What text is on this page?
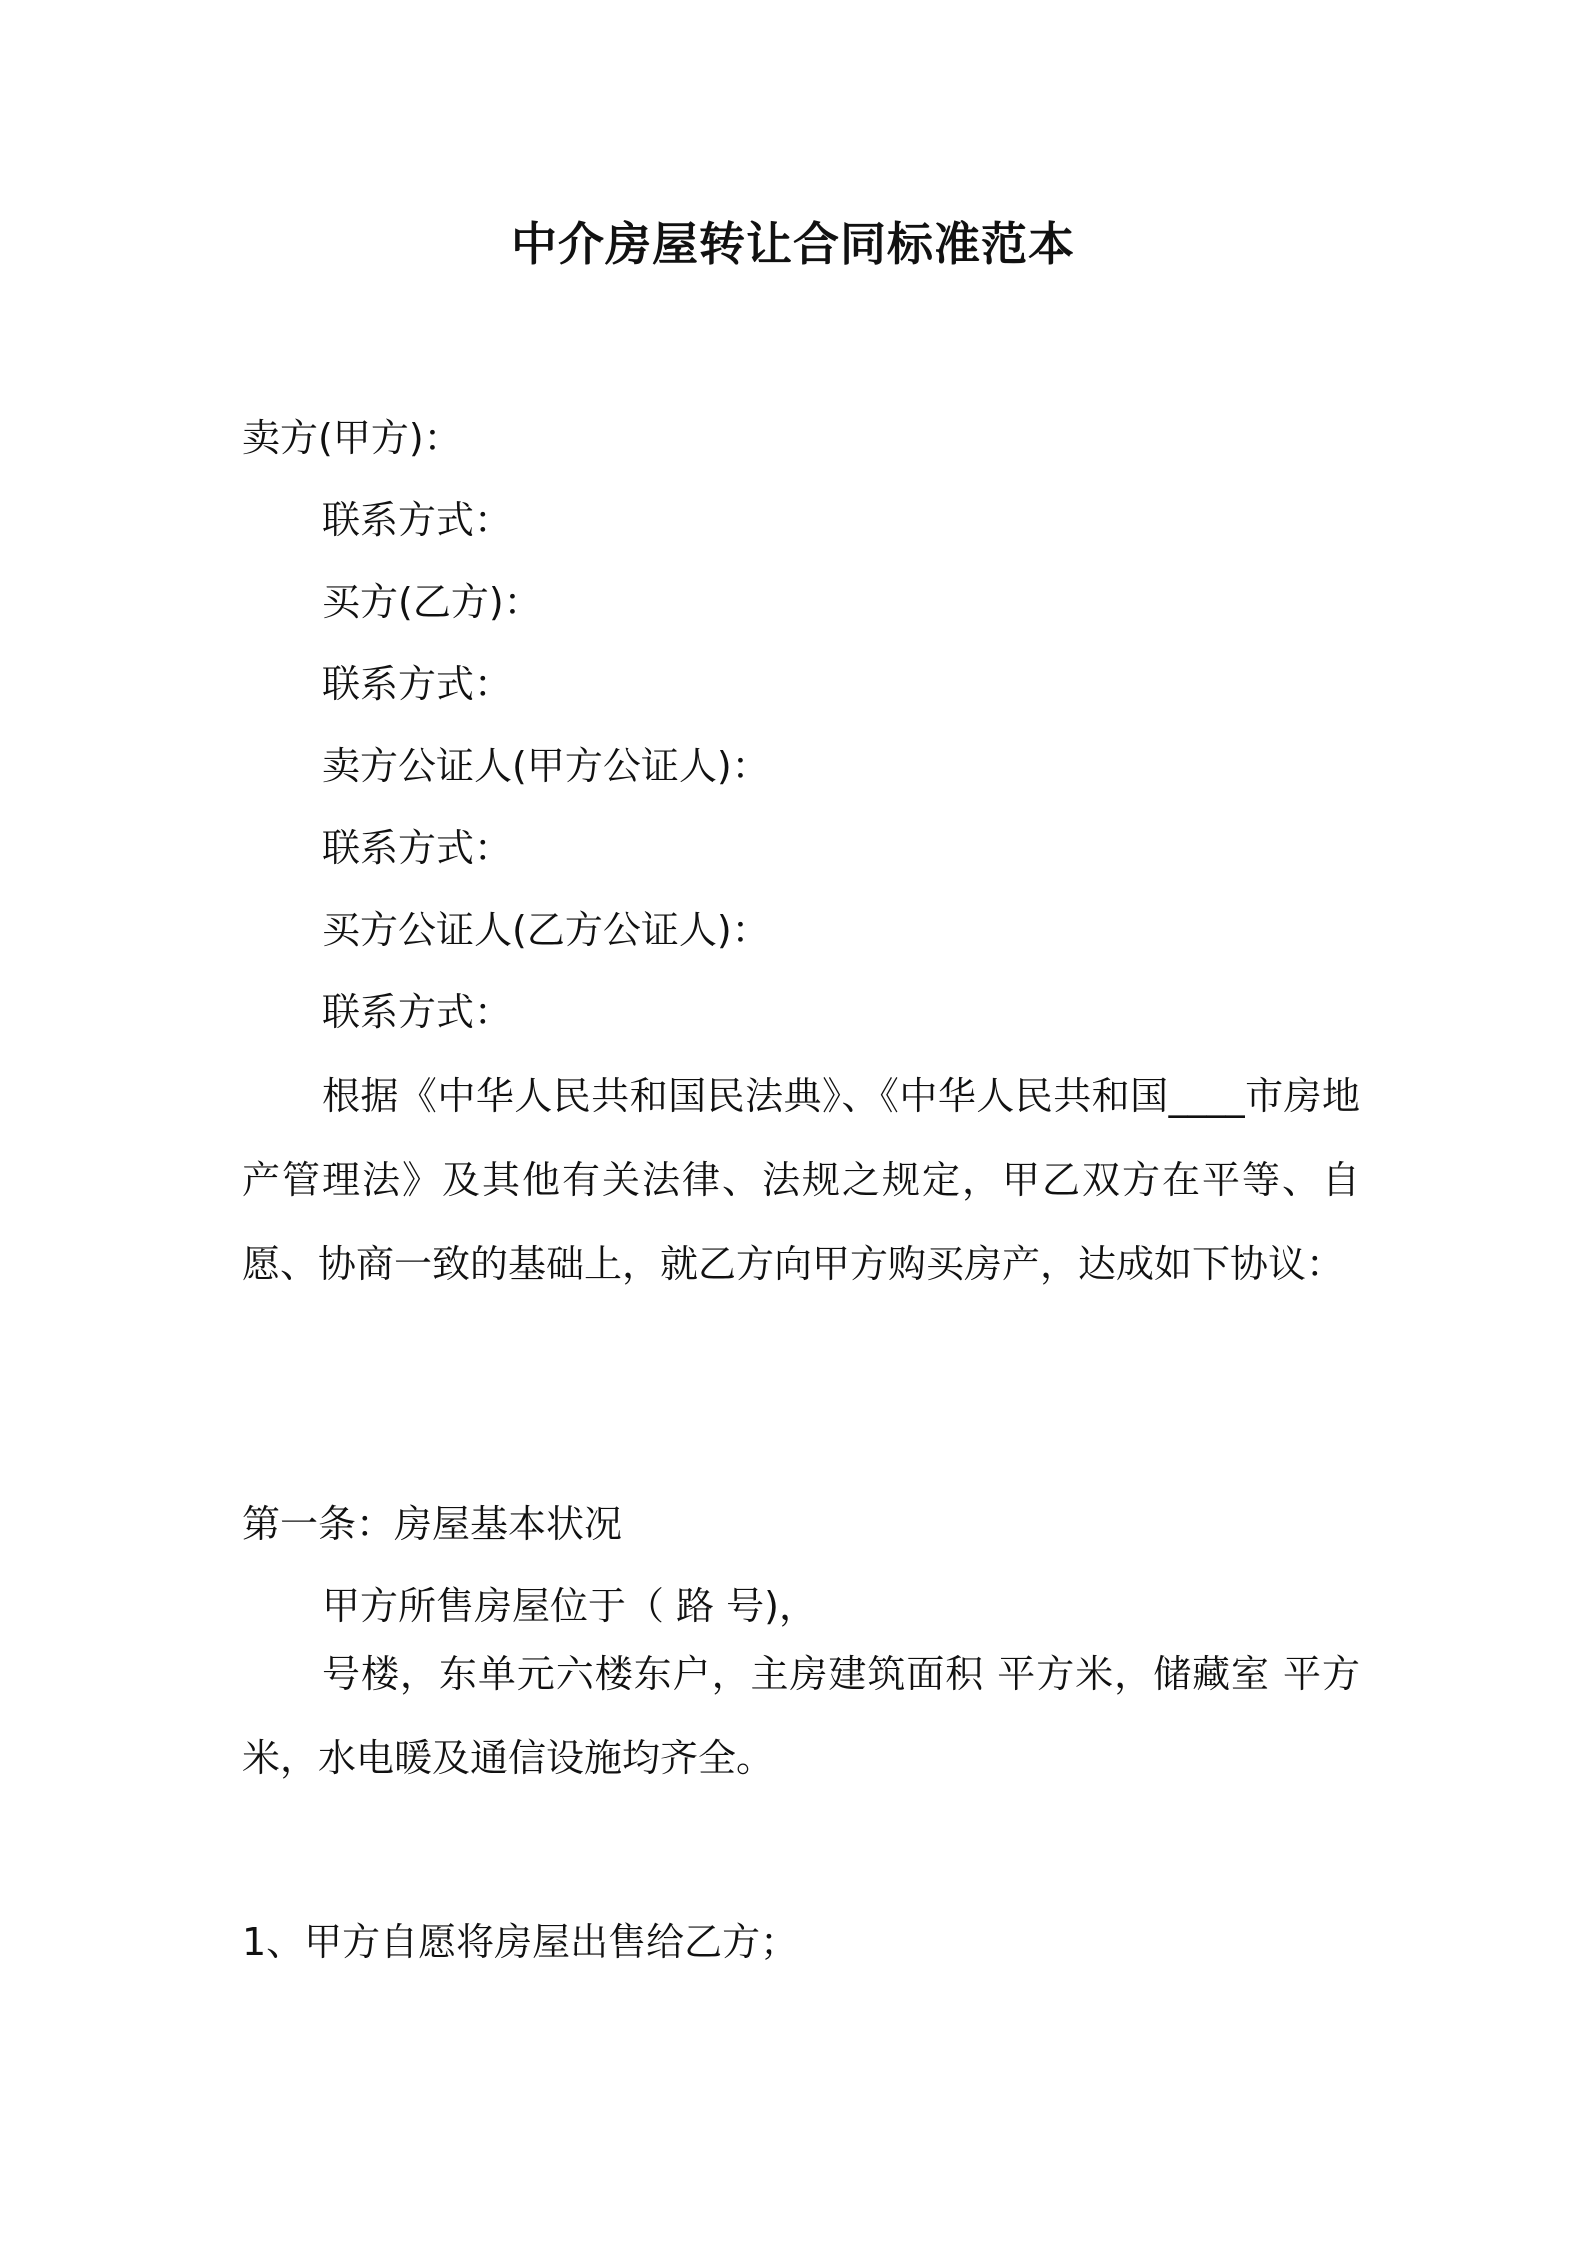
中介房屋转让合同标准范本
卖方(甲方)：
联系方式：
买方(乙方)：
联系方式：
卖方公证人(甲方公证人)：
联系方式：
买方公证人(乙方公证人)：
联系方式：
根据《中华人民共和国民法典》、《中华人民共和国____市房地产管理法》及其他有关法律、法规之规定，甲乙双方在平等、自愿、协商一致的基础上，就乙方向甲方购买房产，达成如下协议：
第一条：房屋基本状况
甲方所售房屋位于（ 路 号)，
号楼，东单元六楼东户，主房建筑面积 平方米，储藏室 平方米，水电暖及通信设施均齐全。
1、甲方自愿将房屋出售给乙方；
